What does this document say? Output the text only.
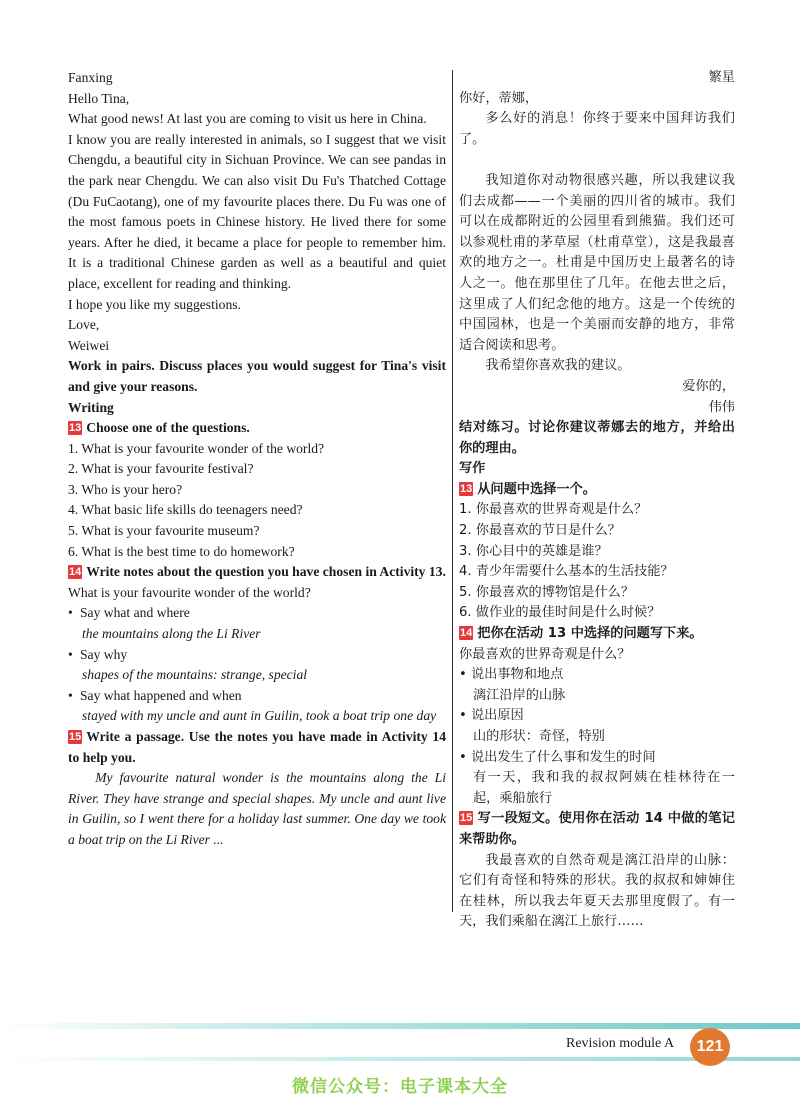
Fanxing
Hello Tina,
What good news! At last you are coming to visit us here in China.
I know you are really interested in animals, so I suggest that we visit Chengdu, a beautiful city in Sichuan Province. We can see pandas in the park near Chengdu. We can also visit Du Fu's Thatched Cottage (Du FuCaotang), one of my favourite places there. Du Fu was one of the most famous poets in Chinese history. He lived there for some years. After he died, it became a place for people to remember him. It is a traditional Chinese garden as well as a beautiful and quiet place, excellent for reading and thinking.
I hope you like my suggestions.
Love,
Weiwei
Work in pairs. Discuss places you would suggest for Tina's visit and give your reasons.
Writing
13 Choose one of the questions.
1. What is your favourite wonder of the world?
2. What is your favourite festival?
3. Who is your hero?
4. What basic life skills do teenagers need?
5. What is your favourite museum?
6. What is the best time to do homework?
14 Write notes about the question you have chosen in Activity 13.
What is your favourite wonder of the world?
• Say what and where
the mountains along the Li River
• Say why
shapes of the mountains: strange, special
• Say what happened and when
stayed with my uncle and aunt in Guilin, took a boat trip one day
15 Write a passage. Use the notes you have made in Activity 14 to help you.
My favourite natural wonder is the mountains along the Li River. They have strange and special shapes. My uncle and aunt live in Guilin, so I went there for a holiday last summer. One day we took a boat trip on the Li River ...
繁星
你好，蒂娜，
多么好的消息！你终于要来中国拜访我们了。
我知道你对动物很感兴趣，所以我建议我们去成都——一个美丽的四川省的城市。我们可以在成都附近的公园里看到熊猫。我们还可以参观杜甫的茅草屋（杜甫草堂），这是我最喜欢的地方之一。杜甫是中国历史上最著名的诗人之一。他在那里住了几年。在他去世之后，这里成了人们纪念他的地方。这是一个传统的中国园林，也是一个美丽而安静的地方，非常适合阅读和思考。
我希望你喜欢我的建议。
爱你的，
伟伟
结对练习。讨论你建议蒂娜去的地方，并给出你的理由。
写作
13 从问题中选择一个。
1. 你最喜欢的世界奇观是什么？
2. 你最喜欢的节日是什么？
3. 你心目中的英雄是谁？
4. 青少年需要什么基本的生活技能？
5. 你最喜欢的博物馆是什么？
6. 做作业的最佳时间是什么时候？
14 把你在活动 13 中选择的问题写下来。
你最喜欢的世界奇观是什么？
• 说出事物和地点
漓江沿岸的山脉
• 说出原因
山的形状：奇怪，特别
• 说出发生了什么事和发生的时间
有一天，我和我的叔叔阿姨在桂林待在一起，乘船旅行
15 写一段短文。使用你在活动 14 中做的笔记来帮助你。
我最喜欢的自然奇观是漓江沿岸的山脉：它们有奇怪和特殊的形状。我的叔叔和婶婶住在桂林，所以我去年夏天去那里度假了。有一天，我们乘船在漓江上旅行……
Revision module A	121
微信公众号：电子课本大全
